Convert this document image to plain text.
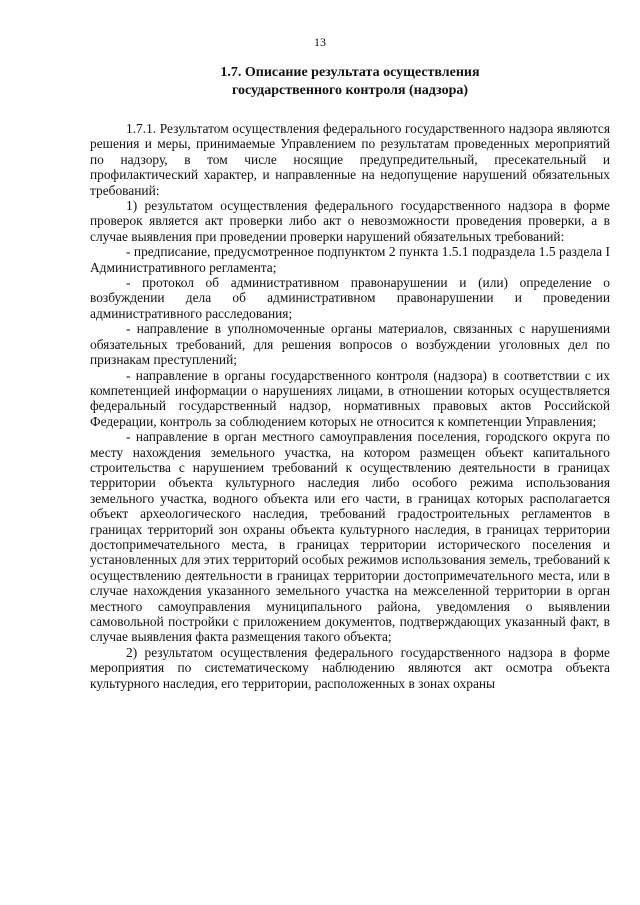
13
1.7. Описание результата осуществления
государственного контроля (надзора)

1.7.1. Результатом осуществления федерального государственного надзора являются решения и меры, принимаемые Управлением по результатам проведенных мероприятий по надзору, в том числе носящие предупредительный, пресекательный и профилактический характер, и направленные на недопущение нарушений обязательных требований:

1) результатом осуществления федерального государственного надзора в форме проверок является акт проверки либо акт о невозможности проведения проверки, а в случае выявления при проведении проверки нарушений обязательных требований:

- предписание, предусмотренное подпунктом 2 пункта 1.5.1 подраздела 1.5 раздела I Административного регламента;

- протокол об административном правонарушении и (или) определение о возбуждении дела об административном правонарушении и проведении административного расследования;

- направление в уполномоченные органы материалов, связанных с нарушениями обязательных требований, для решения вопросов о возбуждении уголовных дел по признакам преступлений;

- направление в органы государственного контроля (надзора) в соответствии с их компетенцией информации о нарушениях лицами, в отношении которых осуществляется федеральный государственный надзор, нормативных правовых актов Российской Федерации, контроль за соблюдением которых не относится к компетенции Управления;

- направление в орган местного самоуправления поселения, городского округа по месту нахождения земельного участка, на котором размещен объект капитального строительства с нарушением требований к осуществлению деятельности в границах территории объекта культурного наследия либо особого режима использования земельного участка, водного объекта или его части, в границах которых располагается объект археологического наследия, требований градостроительных регламентов в границах территорий зон охраны объекта культурного наследия, в границах территории достопримечательного места, в границах территории исторического поселения и установленных для этих территорий особых режимов использования земель, требований к осуществлению деятельности в границах территории достопримечательного места, или в случае нахождения указанного земельного участка на межселенной территории в орган местного самоуправления муниципального района, уведомления о выявлении самовольной постройки с приложением документов, подтверждающих указанный факт, в случае выявления факта размещения такого объекта;

2) результатом осуществления федерального государственного надзора в форме мероприятия по систематическому наблюдению являются акт осмотра объекта культурного наследия, его территории, расположенных в зонах охраны
